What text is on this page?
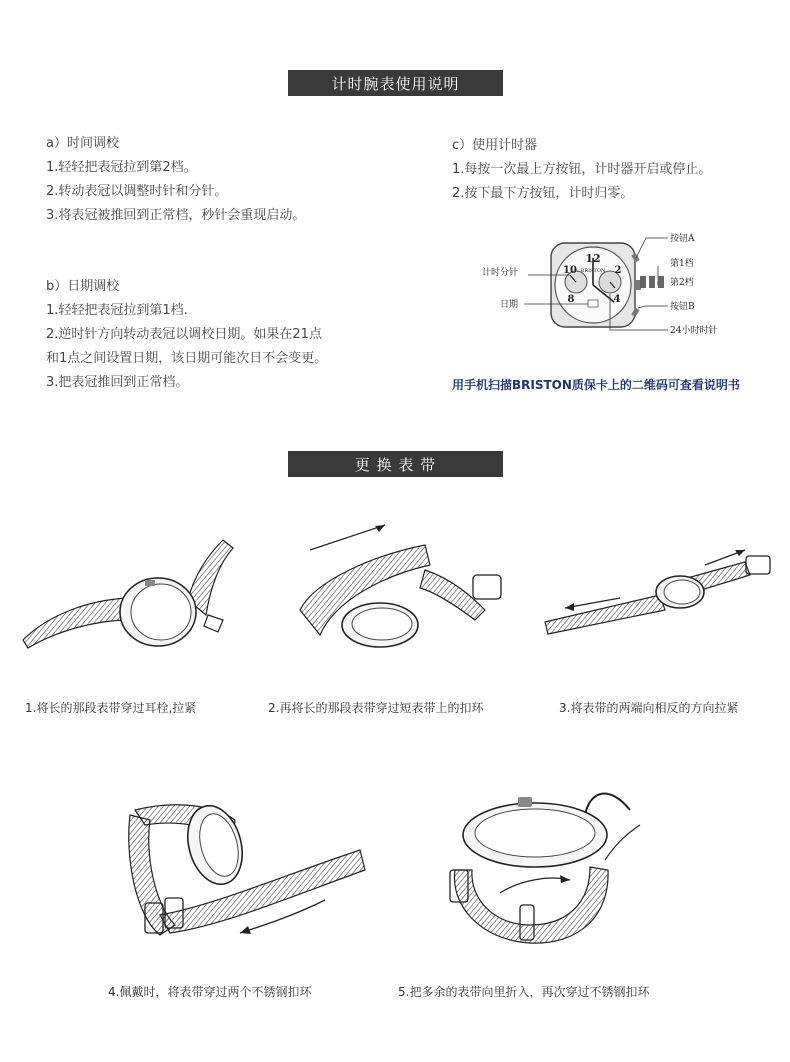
计时腕表使用说明
a）时间调校
1.轻轻把表冠拉到第2档。
2.转动表冠以调整时针和分针。
3.将表冠被推回到正常档，秒针会重现启动。
b）日期调校
1.轻轻把表冠拉到第1档.
2.逆时针方向转动表冠以调校日期。如果在21点
和1点之间设置日期，该日期可能次日不会变更。
3.把表冠推回到正常档。
c）使用计时器
1.每按一次最上方按钮，计时器开启或停止。
2.按下最下方按钮，计时归零。
12
10
8	4
2
BRISTON
计时分针
日期
按钮A
第1档
第2档
按钮B
24小时时针
用手机扫描BRISTON质保卡上的二维码可查看说明书
更 换 表 带
1.将长的那段表带穿过耳栓,拉紧	2.再将长的那段表带穿过短表带上的扣环	3.将表带的两端向相反的方向拉紧
4.佩戴时，将表带穿过两个不锈钢扣环	5.把多余的表带向里折入，再次穿过不锈钢扣环
